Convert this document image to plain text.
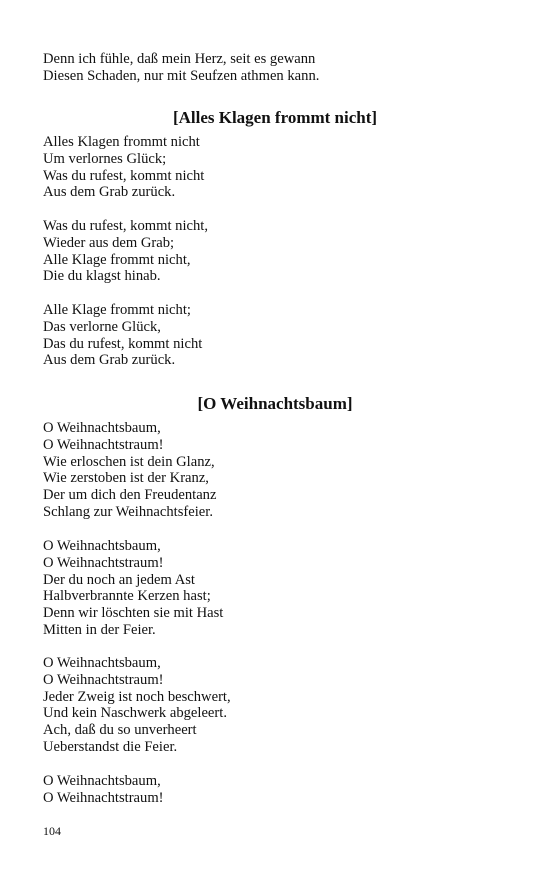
Denn ich fühle, daß mein Herz, seit es gewann
Diesen Schaden, nur mit Seufzen athmen kann.
[Alles Klagen frommt nicht]
Alles Klagen frommt nicht
Um verlornes Glück;
Was du rufest, kommt nicht
Aus dem Grab zurück.
Was du rufest, kommt nicht,
Wieder aus dem Grab;
Alle Klage frommt nicht,
Die du klagst hinab.
Alle Klage frommt nicht;
Das verlorne Glück,
Das du rufest, kommt nicht
Aus dem Grab zurück.
[O Weihnachtsbaum]
O Weihnachtsbaum,
O Weihnachtstraum!
Wie erloschen ist dein Glanz,
Wie zerstoben ist der Kranz,
Der um dich den Freudentanz
Schlang zur Weihnachtsfeier.
O Weihnachtsbaum,
O Weihnachtstraum!
Der du noch an jedem Ast
Halbverbrannte Kerzen hast;
Denn wir löschten sie mit Hast
Mitten in der Feier.
O Weihnachtsbaum,
O Weihnachtstraum!
Jeder Zweig ist noch beschwert,
Und kein Naschwerk abgeleert.
Ach, daß du so unverheert
Ueberstandst die Feier.
O Weihnachtsbaum,
O Weihnachtstraum!
104
